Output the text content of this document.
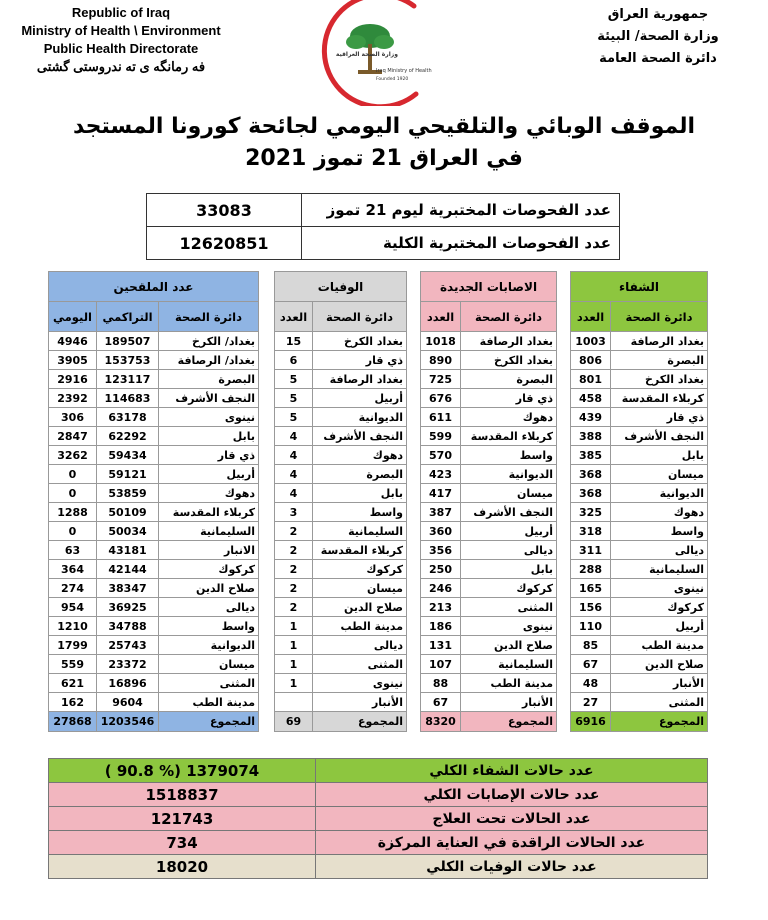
Republic of Iraq
Ministry of Health \ Environment
Public Health Directorate
فه رمانگه ى ته ندروستى گشتى
جمهورية العراق
وزارة الصحة/ البيئة
دائرة الصحة العامة
وزارة الصحة العراقية
Iraq Ministry of Health
Founded 1920
الموقف الوبائي والتلقيحي اليومي لجائحة كورونا المستجد
في العراق 21 تموز 2021
عدد الفحوصات المختبرية ليوم 21 تموز	33083
عدد الفحوصات المختبرية الكلية	12620851
الشفاء	
دائرة الصحة	العدد
بغداد الرصافة	1003
البصرة	806
بغداد الكرخ	801
كربلاء المقدسة	458
ذي قار	439
النجف الأشرف	388
بابل	385
ميسان	368
الديوانية	368
دهوك	325
واسط	318
ديالى	311
السليمانية	288
نينوى	165
كركوك	156
أربيل	110
مدينة الطب	85
صلاح الدين	67
الأنبار	48
المثنى	27
المجموع	6916
الاصابات الجديدة	
دائرة الصحة	العدد
بغداد الرصافة	1018
بغداد الكرخ	890
البصرة	725
ذي قار	676
دهوك	611
كربلاء المقدسة	599
واسط	570
الديوانية	423
ميسان	417
النجف الأشرف	387
أربيل	360
ديالى	356
بابل	250
كركوك	246
المثنى	213
نينوى	186
صلاح الدين	131
السليمانية	107
مدينة الطب	88
الأنبار	67
المجموع	8320
الوفيات	
دائرة الصحة	العدد
بغداد الكرخ	15
ذي قار	6
بغداد الرصافة	5
أربيل	5
الديوانية	5
النجف الأشرف	4
دهوك	4
البصرة	4
بابل	4
واسط	3
السليمانية	2
كربلاء المقدسة	2
كركوك	2
ميسان	2
صلاح الدين	2
مدينة الطب	1
ديالى	1
المثنى	1
نينوى	1
الأنبار	
المجموع	69
عدد الملقحين		
دائرة الصحة	التراكمي	اليومي
بغداد/ الكرخ	189507	4946
بغداد/ الرصافة	153753	3905
البصرة	123117	2916
النجف الأشرف	114683	2392
نينوى	63178	306
بابل	62292	2847
ذي قار	59434	3262
أربيل	59121	0
دهوك	53859	0
كربلاء المقدسة	50109	1288
السليمانية	50034	0
الانبار	43181	63
كركوك	42144	364
صلاح الدين	38347	274
ديالى	36925	954
واسط	34788	1210
الديوانية	25743	1799
ميسان	23372	559
المثنى	16896	621
مدينة الطب	9604	162
المجموع	1203546	27868
عدد حالات الشفاء الكلي	1379074 (% 90.8 )
عدد حالات الإصابات الكلي	1518837
عدد الحالات تحت العلاج	121743
عدد الحالات الراقدة في العناية المركزة	734
عدد حالات الوفيات الكلي	18020
